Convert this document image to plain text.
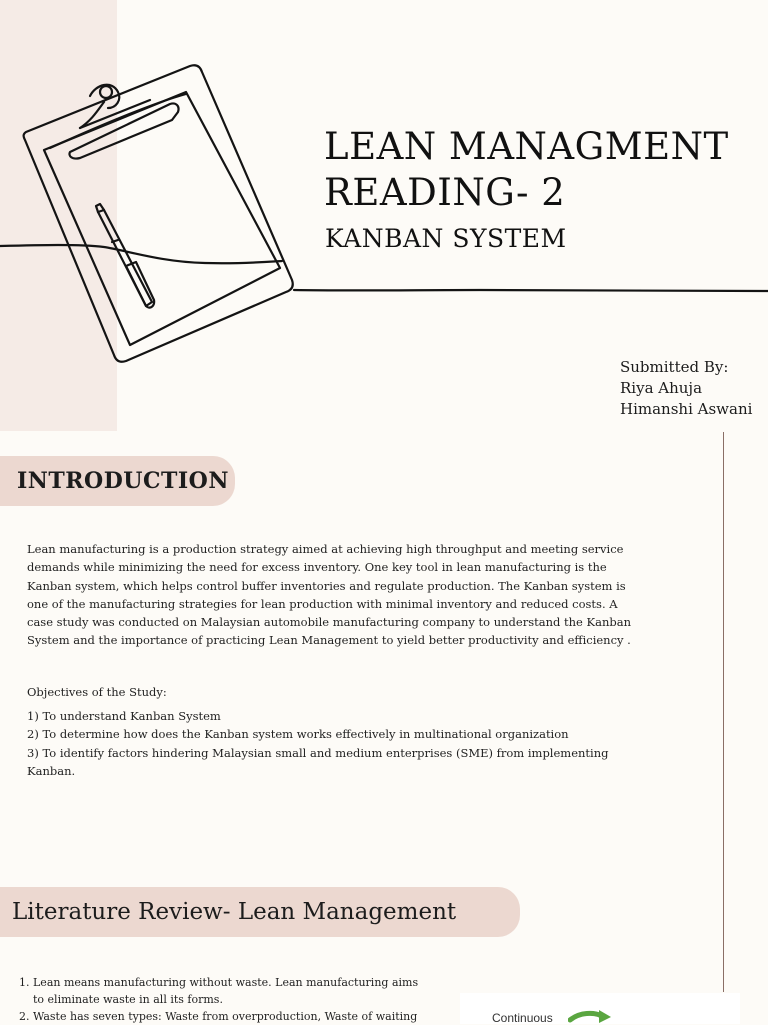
LEAN MANAGMENT
READING- 2
KANBAN SYSTEM
Submitted By:
Riya Ahuja
Himanshi Aswani
INTRODUCTION
Lean manufacturing is a production strategy aimed at achieving high throughput and meeting service demands while minimizing the need for excess inventory. One key tool in lean manufacturing is the Kanban system, which helps control buffer inventories and regulate production. The Kanban system is one of the manufacturing strategies for lean production with minimal inventory and reduced costs. A case study was conducted on Malaysian automobile manufacturing company to understand the Kanban System and the importance of practicing Lean Management to yield better productivity and efficiency .
Objectives of the Study:
1) To understand Kanban System
2) To determine how does the Kanban system works effectively in multinational organization
3) To identify factors hindering Malaysian small and medium enterprises (SME) from implementing Kanban.
Literature Review- Lean Management
1. Lean means manufacturing without waste. Lean manufacturing aims to eliminate waste in all its forms.
2. Waste has seven types: Waste from overproduction, Waste of waiting	Continuous
